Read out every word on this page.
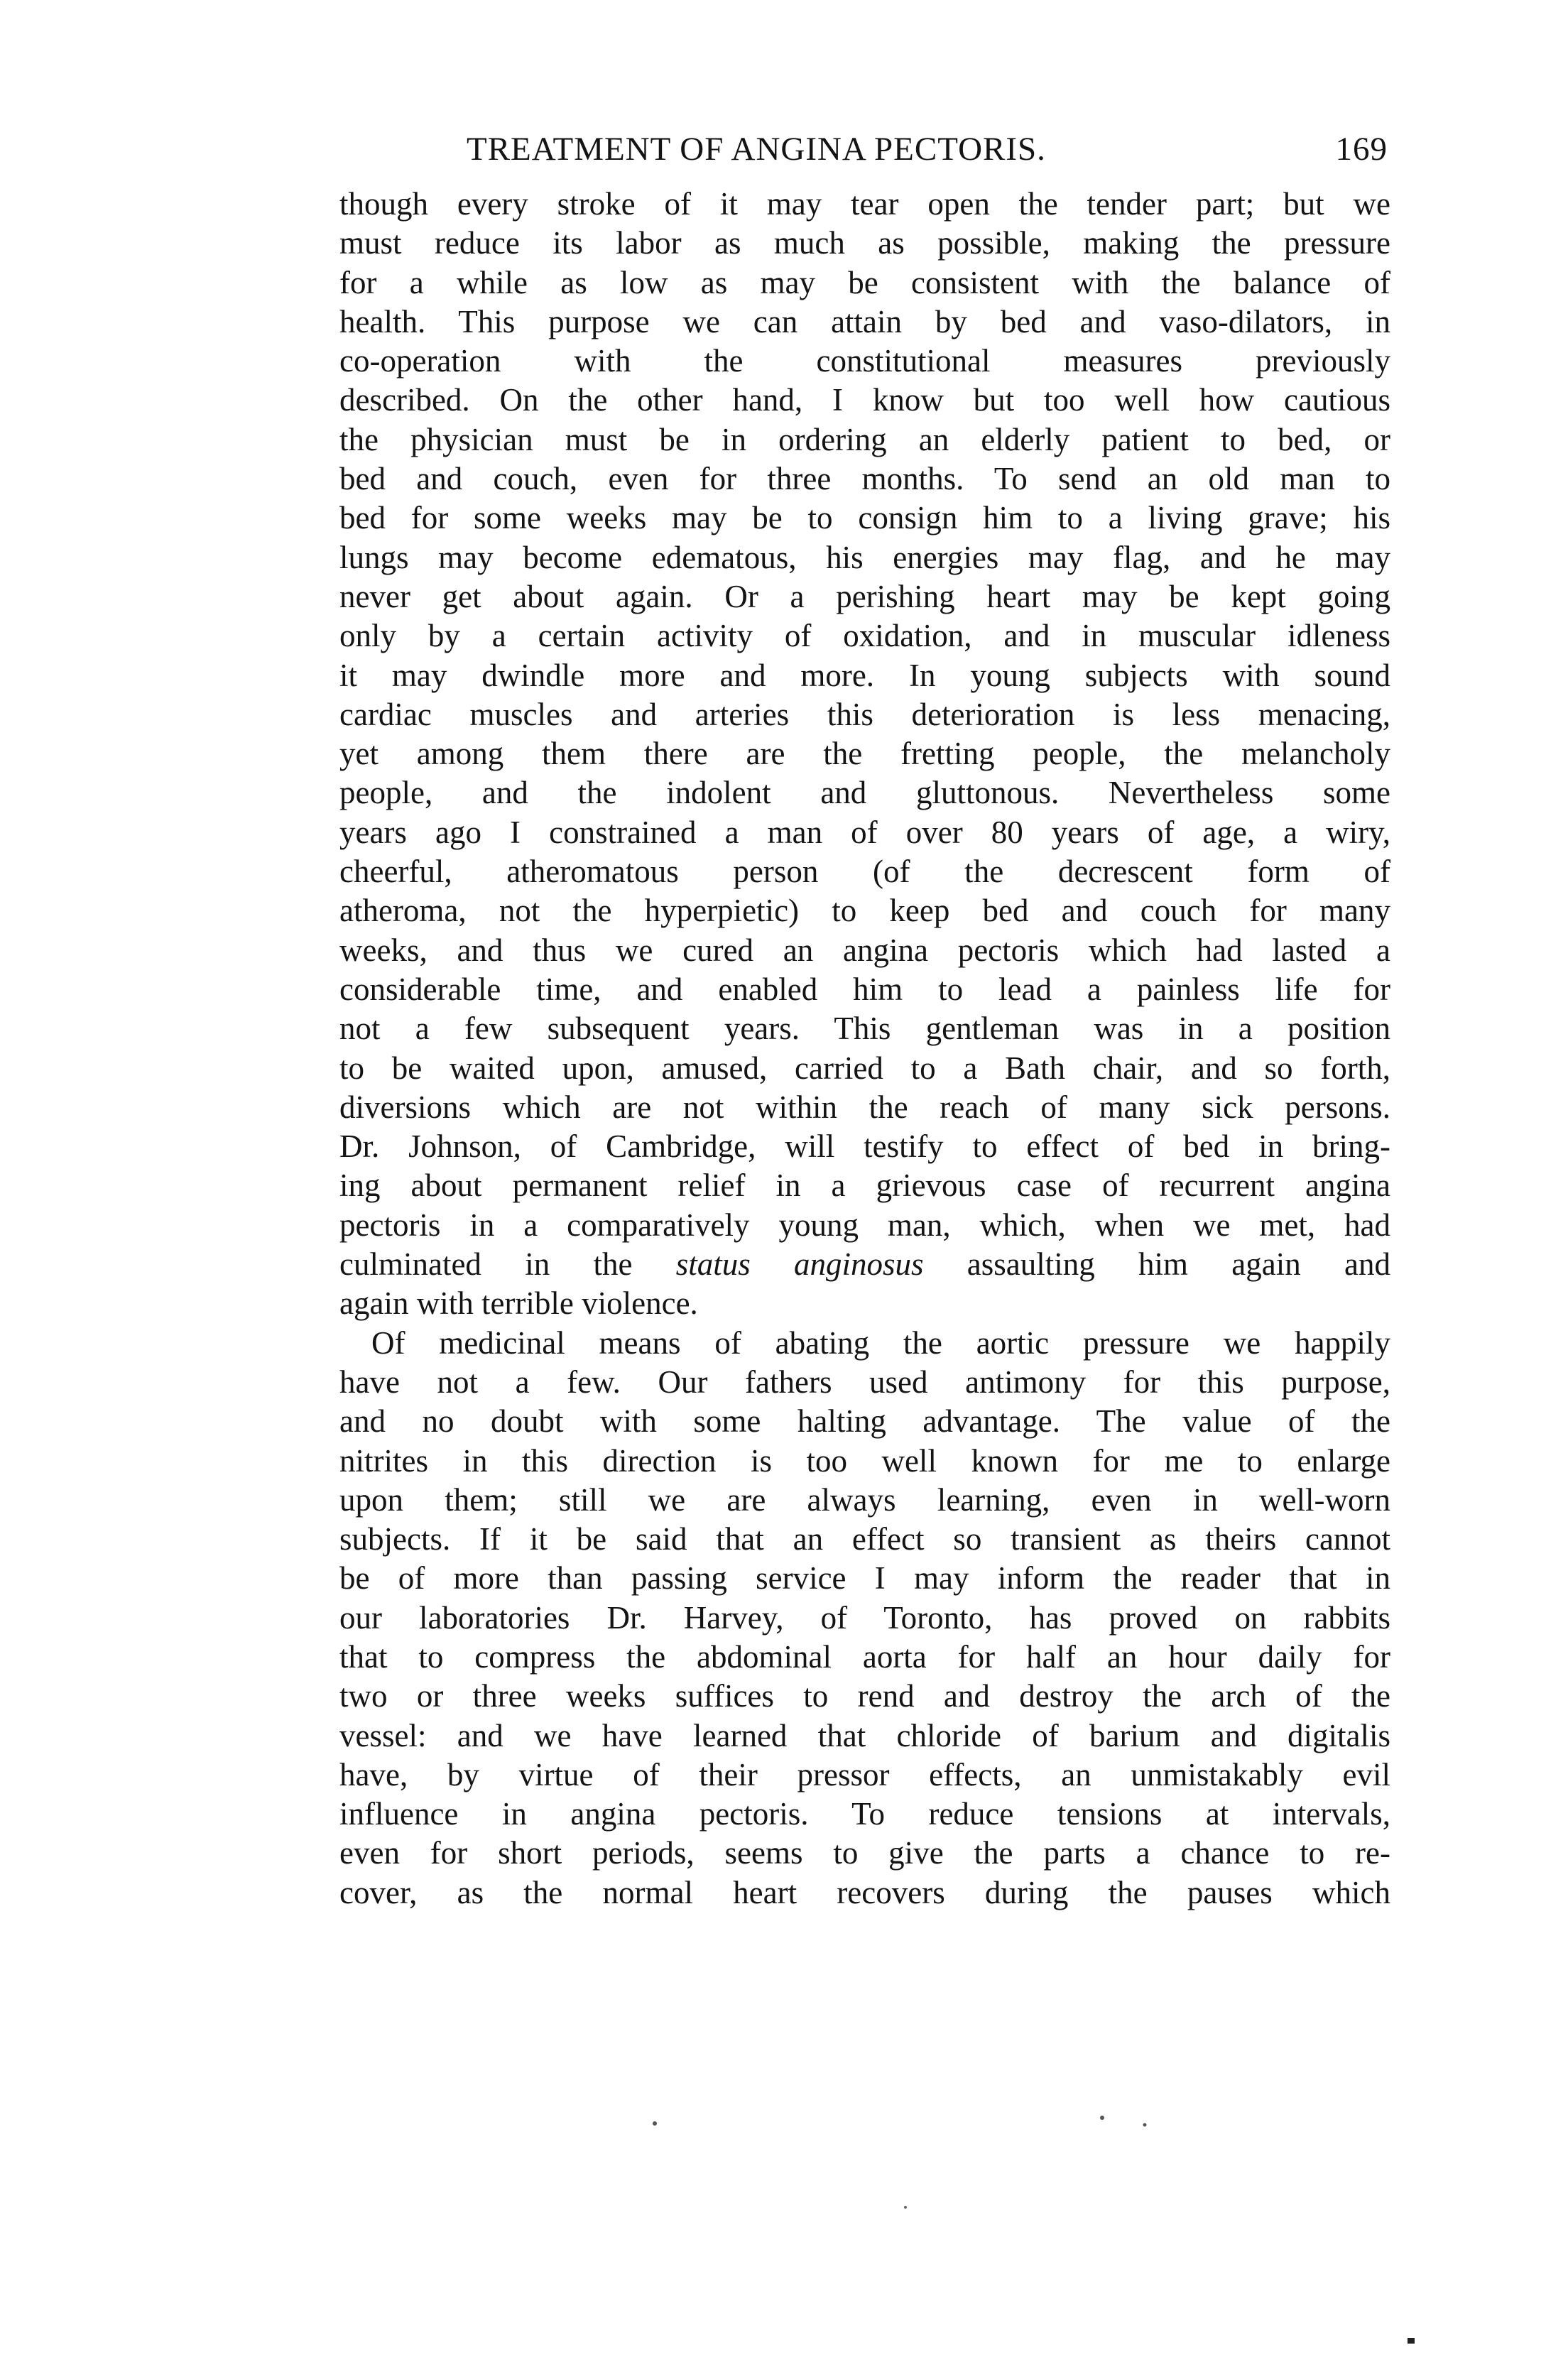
TREATMENT OF ANGINA PECTORIS.	169
though every stroke of it may tear open the tender part; but we
must reduce its labor as much as possible, making the pressure
for a while as low as may be consistent with the balance of
health. This purpose we can attain by bed and vaso-dilators, in
co-operation with the constitutional measures previously
described. On the other hand, I know but too well how cautious
the physician must be in ordering an elderly patient to bed, or
bed and couch, even for three months. To send an old man to
bed for some weeks may be to consign him to a living grave; his
lungs may become edematous, his energies may flag, and he may
never get about again. Or a perishing heart may be kept going
only by a certain activity of oxidation, and in muscular idleness
it may dwindle more and more. In young subjects with sound
cardiac muscles and arteries this deterioration is less menacing,
yet among them there are the fretting people, the melancholy
people, and the indolent and gluttonous. Nevertheless some
years ago I constrained a man of over 80 years of age, a wiry,
cheerful, atheromatous person (of the decrescent form of
atheroma, not the hyperpietic) to keep bed and couch for many
weeks, and thus we cured an angina pectoris which had lasted a
considerable time, and enabled him to lead a painless life for
not a few subsequent years. This gentleman was in a position
to be waited upon, amused, carried to a Bath chair, and so forth,
diversions which are not within the reach of many sick persons.
Dr. Johnson, of Cambridge, will testify to effect of bed in bring-
ing about permanent relief in a grievous case of recurrent angina
pectoris in a comparatively young man, which, when we met, had
culminated in the status anginosus assaulting him again and
again with terrible violence.
Of medicinal means of abating the aortic pressure we happily
have not a few. Our fathers used antimony for this purpose,
and no doubt with some halting advantage. The value of the
nitrites in this direction is too well known for me to enlarge
upon them; still we are always learning, even in well-worn
subjects. If it be said that an effect so transient as theirs cannot
be of more than passing service I may inform the reader that in
our laboratories Dr. Harvey, of Toronto, has proved on rabbits
that to compress the abdominal aorta for half an hour daily for
two or three weeks suffices to rend and destroy the arch of the
vessel: and we have learned that chloride of barium and digitalis
have, by virtue of their pressor effects, an unmistakably evil
influence in angina pectoris. To reduce tensions at intervals,
even for short periods, seems to give the parts a chance to re-
cover, as the normal heart recovers during the pauses which
